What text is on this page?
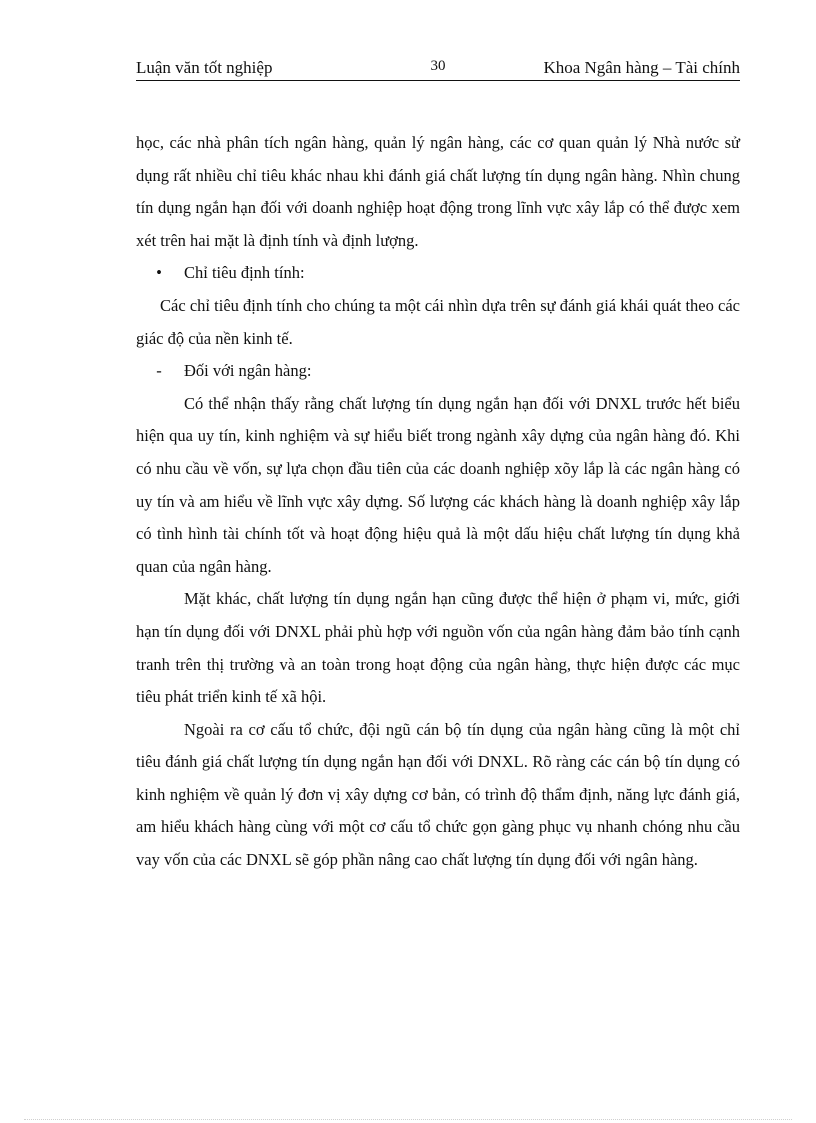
Luận văn tốt nghiệp	30	Khoa Ngân hàng – Tài chính

học, các nhà phân tích ngân hàng, quản lý ngân hàng, các cơ quan quản lý Nhà nước sử dụng rất nhiều chỉ tiêu khác nhau khi đánh giá chất lượng tín dụng ngân hàng. Nhìn chung tín dụng ngắn hạn đối với doanh nghiệp hoạt động trong lĩnh vực xây lắp có thể được xem xét trên hai mặt là định tính và định lượng.

• Chỉ tiêu định tính:

Các chỉ tiêu định tính cho chúng ta một cái nhìn dựa trên sự đánh giá khái quát theo các giác độ của nền kinh tế.

- Đối với ngân hàng:

Có thể nhận thấy rằng chất lượng tín dụng ngắn hạn đối với DNXL trước hết biểu hiện qua uy tín, kinh nghiệm và sự hiểu biết trong ngành xây dựng của ngân hàng đó. Khi có nhu cầu về vốn, sự lựa chọn đầu tiên của các doanh nghiệp xõy lắp là các ngân hàng có uy tín và am hiểu về lĩnh vực xây dựng. Số lượng các khách hàng là doanh nghiệp xây lắp có tình hình tài chính tốt và hoạt động hiệu quả là một dấu hiệu chất lượng tín dụng khả quan của ngân hàng.

Mặt khác, chất lượng tín dụng ngắn hạn cũng được thể hiện ở phạm vi, mức, giới hạn tín dụng đối với DNXL phải phù hợp với nguồn vốn của ngân hàng đảm bảo tính cạnh tranh trên thị trường và an toàn trong hoạt động của ngân hàng, thực hiện được các mục tiêu phát triển kinh tế xã hội.

Ngoài ra cơ cấu tổ chức, đội ngũ cán bộ tín dụng của ngân hàng cũng là một chỉ tiêu đánh giá chất lượng tín dụng ngắn hạn đối với DNXL. Rõ ràng các cán bộ tín dụng có kinh nghiệm về quản lý đơn vị xây dựng cơ bản, có trình độ thẩm định, năng lực đánh giá, am hiểu khách hàng cùng với một cơ cấu tổ chức gọn gàng phục vụ nhanh chóng nhu cầu vay vốn của các DNXL sẽ góp phần nâng cao chất lượng tín dụng đối với ngân hàng.
